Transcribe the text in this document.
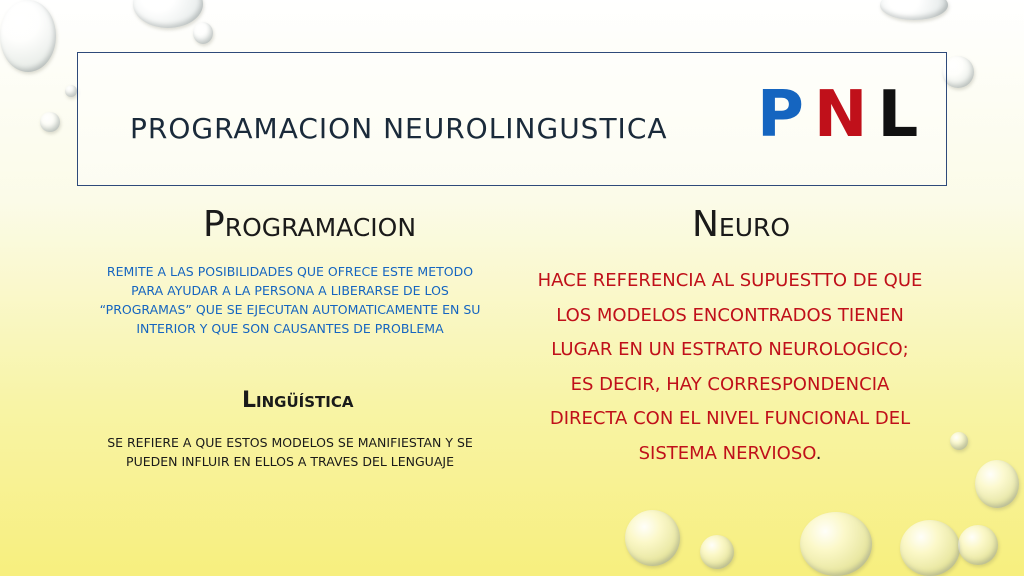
PROGRAMACION NEUROLINGUSTICA PNL
Programacion
REMITE A LAS POSIBILIDADES QUE OFRECE ESTE METODO
PARA AYUDAR A LA PERSONA A LIBERARSE DE LOS
“PROGRAMAS” QUE SE EJECUTAN AUTOMATICAMENTE EN SU
INTERIOR Y QUE SON CAUSANTES DE PROBLEMA
Lingüística
SE REFIERE A QUE ESTOS MODELOS SE MANIFIESTAN Y SE
PUEDEN INFLUIR EN ELLOS A TRAVES DEL LENGUAJE
Neuro
HACE REFERENCIA AL SUPUESTTO DE QUE
LOS MODELOS ENCONTRADOS TIENEN
LUGAR EN UN ESTRATO NEUROLOGICO;
ES DECIR, HAY CORRESPONDENCIA
DIRECTA CON EL NIVEL FUNCIONAL DEL
SISTEMA NERVIOSO.
